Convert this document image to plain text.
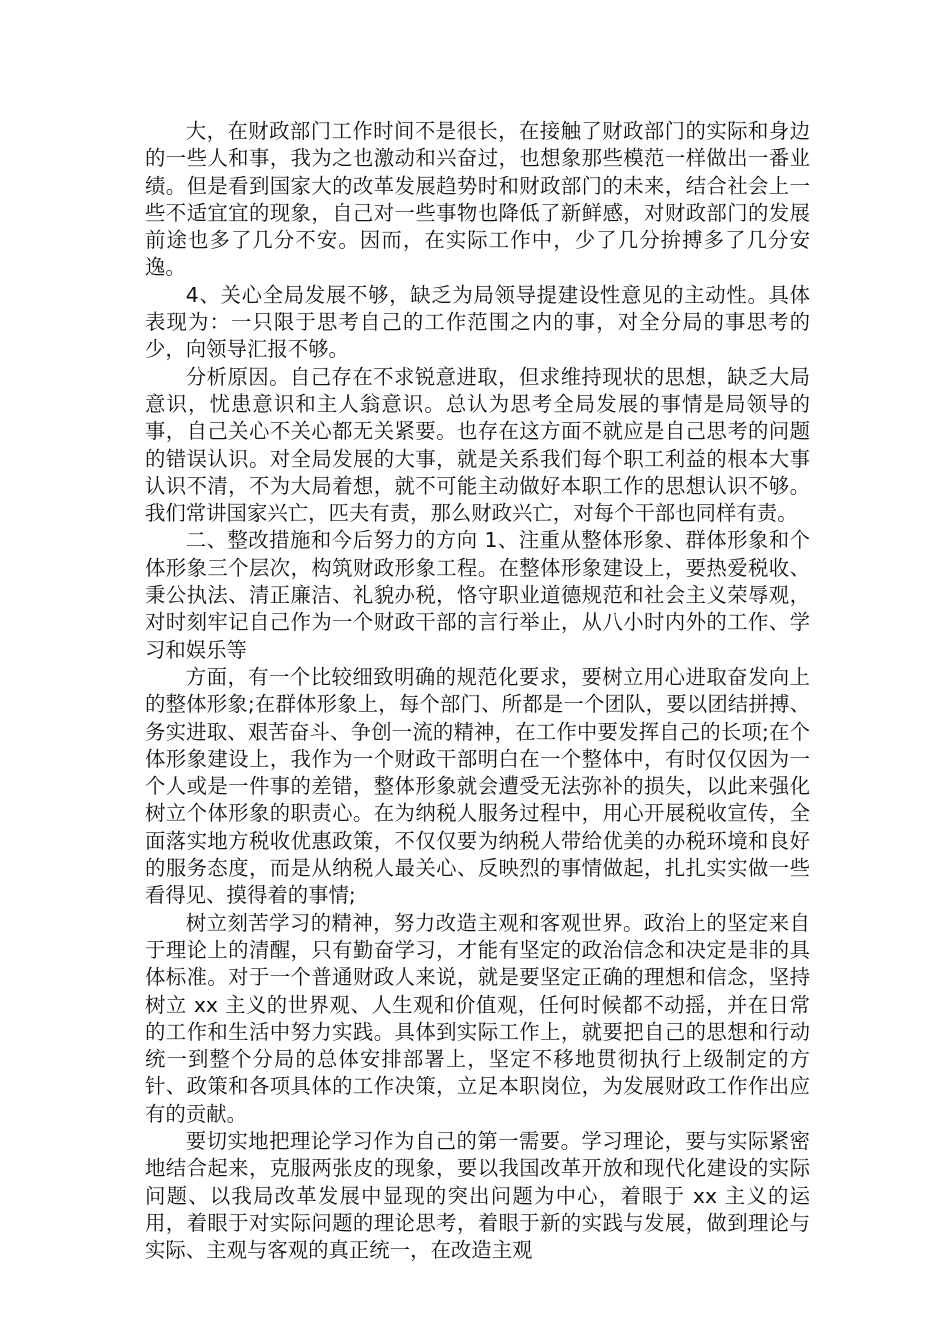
大，在财政部门工作时间不是很长，在接触了财政部门的实际和身边的一些人和事，我为之也激动和兴奋过，也想象那些模范一样做出一番业绩。但是看到国家大的改革发展趋势时和财政部门的未来，结合社会上一些不适宜宜的现象，自己对一些事物也降低了新鲜感，对财政部门的发展前途也多了几分不安。因而，在实际工作中，少了几分拚搏多了几分安逸。

4、关心全局发展不够，缺乏为局领导提建设性意见的主动性。具体表现为：一只限于思考自己的工作范围之内的事，对全分局的事思考的少，向领导汇报不够。

分析原因。自己存在不求锐意进取，但求维持现状的思想，缺乏大局意识，忧患意识和主人翁意识。总认为思考全局发展的事情是局领导的事，自己关心不关心都无关紧要。也存在这方面不就应是自己思考的问题的错误认识。对全局发展的大事，就是关系我们每个职工利益的根本大事认识不清，不为大局着想，就不可能主动做好本职工作的思想认识不够。我们常讲国家兴亡，匹夫有责，那么财政兴亡，对每个干部也同样有责。

二、整改措施和今后努力的方向 1、注重从整体形象、群体形象和个体形象三个层次，构筑财政形象工程。在整体形象建设上，要热爱税收、秉公执法、清正廉洁、礼貌办税，恪守职业道德规范和社会主义荣辱观，对时刻牢记自己作为一个财政干部的言行举止，从八小时内外的工作、学习和娱乐等

方面，有一个比较细致明确的规范化要求，要树立用心进取奋发向上的整体形象;在群体形象上，每个部门、所都是一个团队，要以团结拼搏、务实进取、艰苦奋斗、争创一流的精神，在工作中要发挥自己的长项;在个体形象建设上，我作为一个财政干部明白在一个整体中，有时仅仅因为一个人或是一件事的差错，整体形象就会遭受无法弥补的损失，以此来强化树立个体形象的职责心。在为纳税人服务过程中，用心开展税收宣传，全面落实地方税收优惠政策，不仅仅要为纳税人带给优美的办税环境和良好的服务态度，而是从纳税人最关心、反映烈的事情做起，扎扎实实做一些看得见、摸得着的事情;

树立刻苦学习的精神，努力改造主观和客观世界。政治上的坚定来自于理论上的清醒，只有勤奋学习，才能有坚定的政治信念和决定是非的具体标准。对于一个普通财政人来说，就是要坚定正确的理想和信念，坚持树立 xx 主义的世界观、人生观和价值观，任何时候都不动摇，并在日常的工作和生活中努力实践。具体到实际工作上，就要把自己的思想和行动统一到整个分局的总体安排部署上，坚定不移地贯彻执行上级制定的方针、政策和各项具体的工作决策，立足本职岗位，为发展财政工作作出应有的贡献。

要切实地把理论学习作为自己的第一需要。学习理论，要与实际紧密地结合起来，克服两张皮的现象，要以我国改革开放和现代化建设的实际问题、以我局改革发展中显现的突出问题为中心，着眼于 xx 主义的运用，着眼于对实际问题的理论思考，着眼于新的实践与发展，做到理论与实际、主观与客观的真正统一，在改造主观
